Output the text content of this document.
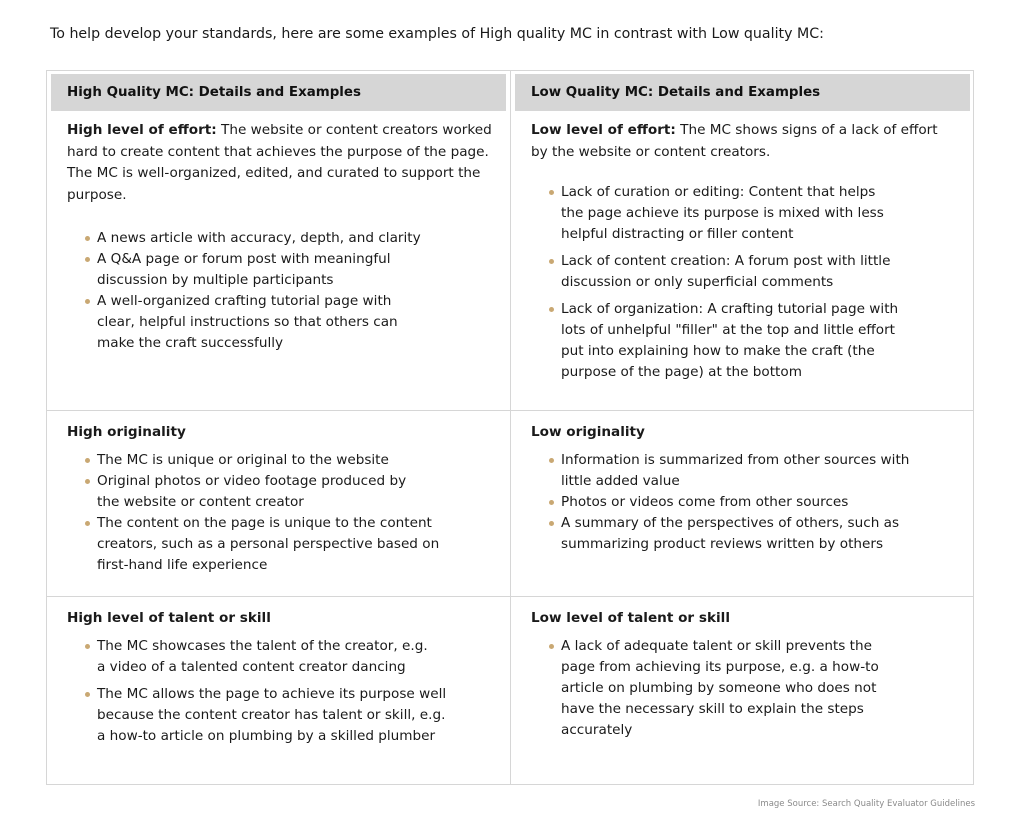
To help develop your standards, here are some examples of High quality MC in contrast with Low quality MC:
High Quality MC: Details and Examples

High level of effort: The website or content creators worked hard to create content that achieves the purpose of the page. The MC is well-organized, edited, and curated to support the purpose.

A news article with accuracy, depth, and clarity
A Q&A page or forum post with meaningful discussion by multiple participants
A well-organized crafting tutorial page with clear, helpful instructions so that others can make the craft successfully
Low Quality MC: Details and Examples

Low level of effort: The MC shows signs of a lack of effort by the website or content creators.

Lack of curation or editing: Content that helps the page achieve its purpose is mixed with less helpful distracting or filler content
Lack of content creation: A forum post with little discussion or only superficial comments
Lack of organization: A crafting tutorial page with lots of unhelpful "filler" at the top and little effort put into explaining how to make the craft (the purpose of the page) at the bottom
High originality
The MC is unique or original to the website
Original photos or video footage produced by the website or content creator
The content on the page is unique to the content creators, such as a personal perspective based on first-hand life experience
Low originality
Information is summarized from other sources with little added value
Photos or videos come from other sources
A summary of the perspectives of others, such as summarizing product reviews written by others
High level of talent or skill
The MC showcases the talent of the creator, e.g. a video of a talented content creator dancing
The MC allows the page to achieve its purpose well because the content creator has talent or skill, e.g. a how-to article on plumbing by a skilled plumber
Low level of talent or skill
A lack of adequate talent or skill prevents the page from achieving its purpose, e.g. a how-to article on plumbing by someone who does not have the necessary skill to explain the steps accurately
Image Source: Search Quality Evaluator Guidelines
